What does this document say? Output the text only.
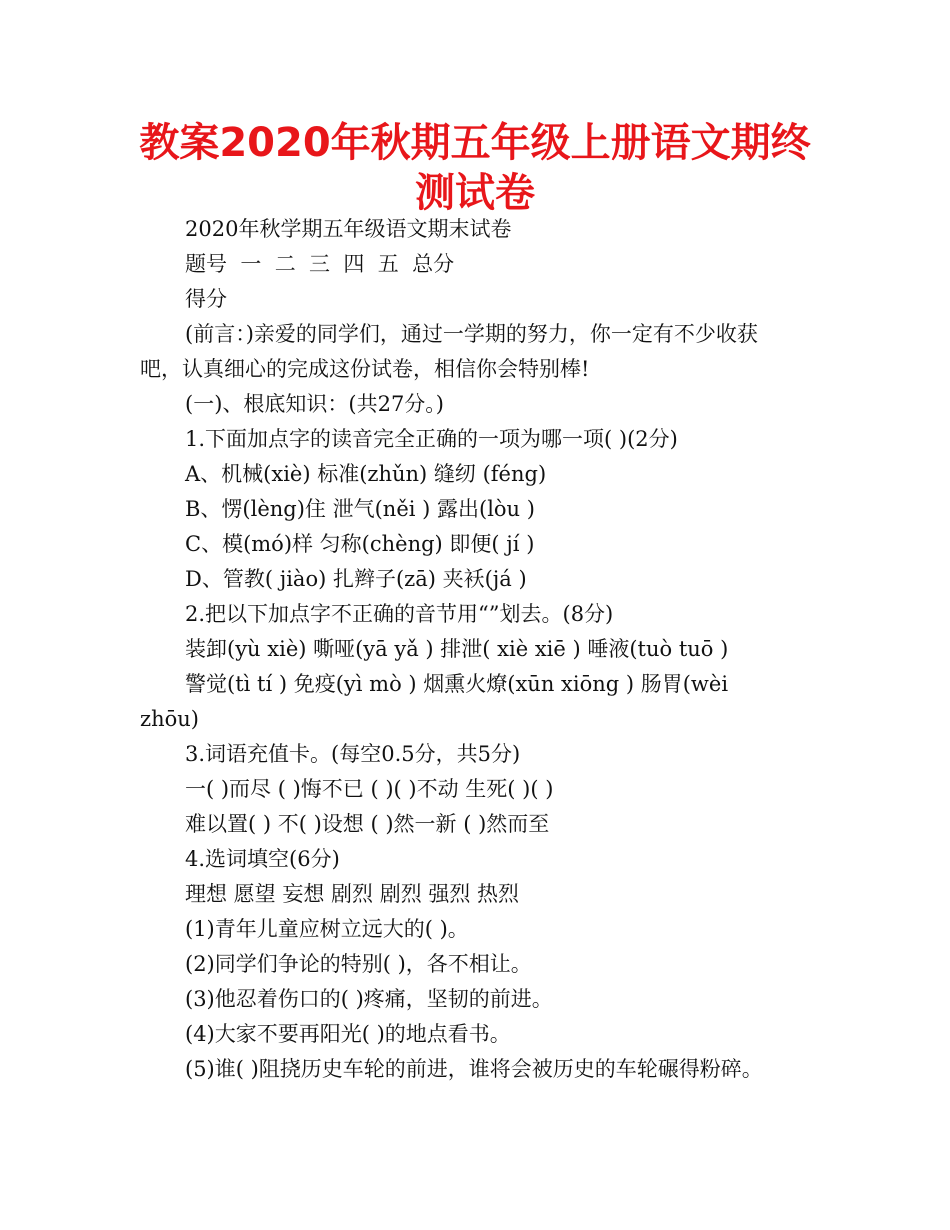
教案2020年秋期五年级上册语文期终测试卷
2020年秋学期五年级语文期末试卷
题号  一  二  三  四  五  总分
得分
(前言：)亲爱的同学们，通过一学期的努力，你一定有不少收获
吧，认真细心的完成这份试卷，相信你会特别棒!
(一)、根底知识：(共27分。)
1.下面加点字的读音完全正确的一项为哪一项( )(2分)
A、机械(xiè) 标准(zhǔn) 缝纫 (féng)
B、愣(lèng)住 泄气(něi ) 露出(lòu )
C、模(mó)样 匀称(chèng) 即便( jí )
D、管教( jiào) 扎辫子(zā) 夹袄(já )
2.把以下加点字不正确的音节用“”划去。(8分)
装卸(yù xiè) 嘶哑(yā yǎ ) 排泄( xiè xiē ) 唾液(tuò tuō )
警觉(tì tí ) 免疫(yì mò ) 烟熏火燎(xūn xiōng ) 肠胃(wèi
zhōu)
3.词语充值卡。(每空0.5分，共5分)
一( )而尽 ( )悔不已 ( )( )不动 生死( )( )
难以置( ) 不( )设想 ( )然一新 ( )然而至
4.选词填空(6分)
理想 愿望 妄想 剧烈 剧烈 强烈 热烈
(1)青年儿童应树立远大的( )。
(2)同学们争论的特别( )，各不相让。
(3)他忍着伤口的( )疼痛，坚韧的前进。
(4)大家不要再阳光( )的地点看书。
(5)谁( )阻挠历史车轮的前进，谁将会被历史的车轮碾得粉碎。
